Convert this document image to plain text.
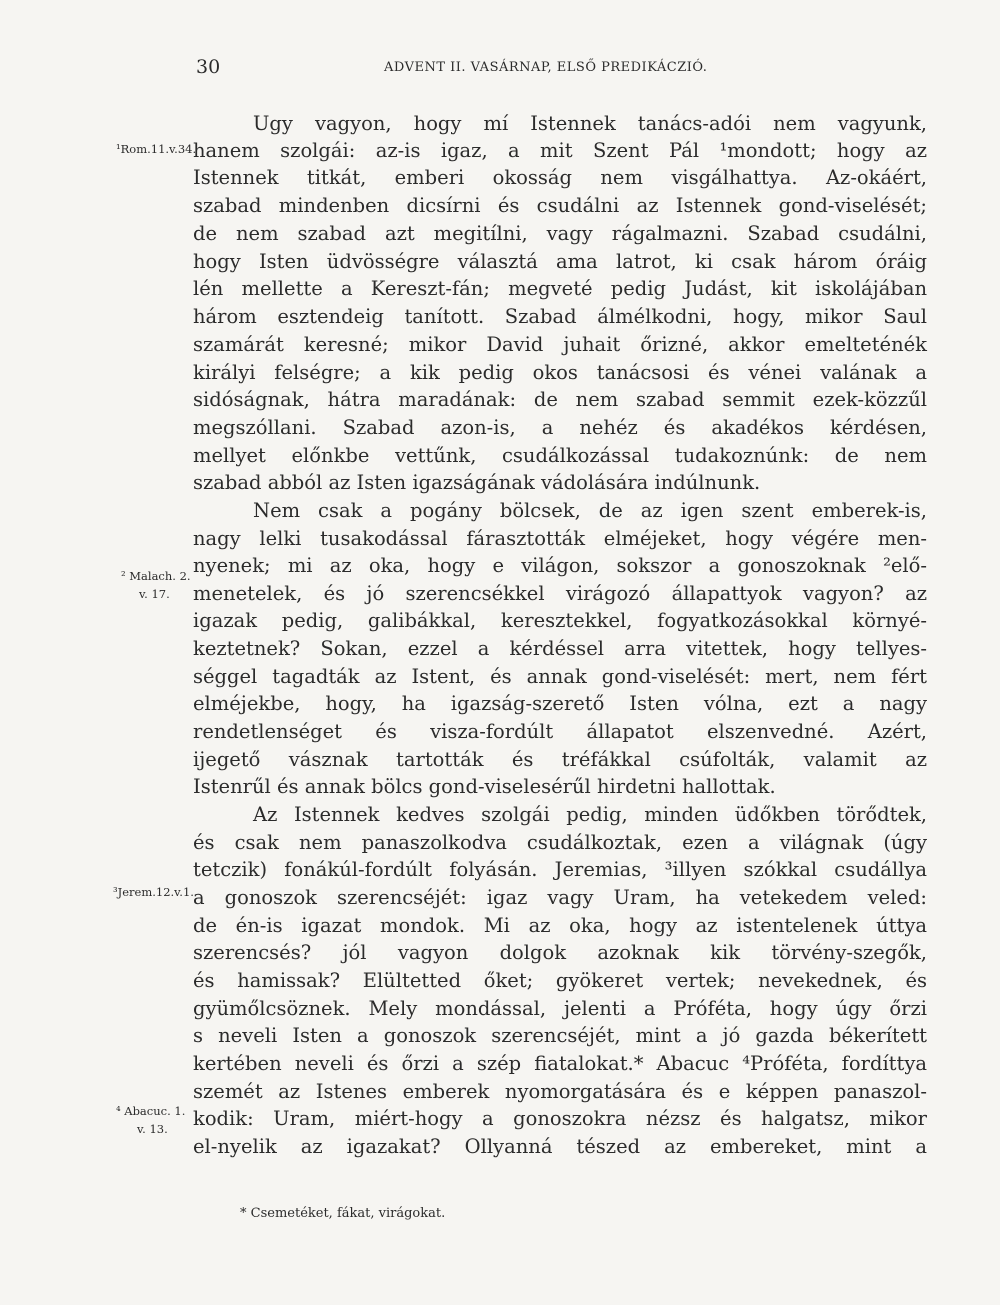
30	ADVENT II. VASÁRNAP, ELSŐ PREDIKÁCZIÓ.
¹Rom.11.v.34.
² Malach. 2.
v. 17.
³Jerem.12.v.1.
⁴ Abacuc. 1.
v. 13.
Ugy vagyon, hogy mí Istennek tanács-adói nem vagyunk,
hanem szolgái: az-is igaz, a mit Szent Pál ¹mondott; hogy az
Istennek titkát, emberi okosság nem visgálhattya. Az-okáért,
szabad mindenben dicsírni és csudálni az Istennek gond-viselését;
de nem szabad azt megitílni, vagy rágalmazni. Szabad csudálni,
hogy Isten üdvösségre választá ama latrot, ki csak három óráig
lén mellette a Kereszt-fán; megveté pedig Judást, kit iskolájában
három esztendeig tanított. Szabad álmélkodni, hogy, mikor Saul
szamárát keresné; mikor David juhait őrizné, akkor emelteténék
királyi felségre; a kik pedig okos tanácsosi és vénei valának a
sidóságnak, hátra maradának: de nem szabad semmit ezek-közzűl
megszóllani. Szabad azon-is, a nehéz és akadékos kérdésen,
mellyet előnkbe vettűnk, csudálkozással tudakoznúnk: de nem
szabad abból az Isten igazságának vádolására indúlnunk.
Nem csak a pogány bölcsek, de az igen szent emberek-is,
nagy lelki tusakodással fárasztották elméjeket, hogy végére men-
nyenek; mi az oka, hogy e világon, sokszor a gonoszoknak ²elő-
menetelek, és jó szerencsékkel virágozó állapattyok vagyon? az
igazak pedig, galibákkal, keresztekkel, fogyatkozásokkal környé-
keztetnek? Sokan, ezzel a kérdéssel arra vitettek, hogy tellyes-
séggel tagadták az Istent, és annak gond-viselését: mert, nem fért
elméjekbe, hogy, ha igazság-szerető Isten vólna, ezt a nagy
rendetlenséget és visza-fordúlt állapatot elszenvedné. Azért,
ijegető vásznak tartották és tréfákkal csúfolták, valamit az
Istenrűl és annak bölcs gond-viselesérűl hirdetni hallottak.
Az Istennek kedves szolgái pedig, minden üdőkben törődtek,
és csak nem panaszolkodva csudálkoztak, ezen a világnak (úgy
tetczik) fonákúl-fordúlt folyásán. Jeremias, ³illyen szókkal csudállya
a gonoszok szerencséjét: igaz vagy Uram, ha vetekedem veled:
de én-is igazat mondok. Mi az oka, hogy az istentelenek úttya
szerencsés? jól vagyon dolgok azoknak kik törvény-szegők,
és hamissak? Elültetted őket; gyökeret vertek; nevekednek, és
gyümőlcsöznek. Mely mondással, jelenti a Próféta, hogy úgy őrzi
s neveli Isten a gonoszok szerencséjét, mint a jó gazda békerített
kertében neveli és őrzi a szép fiatalokat.* Abacuc ⁴Próféta, fordíttya
szemét az Istenes emberek nyomorgatására és e képpen panaszol-
kodik: Uram, miért-hogy a gonoszokra nézsz és halgatsz, mikor
el-nyelik az igazakat? Ollyanná tészed az embereket, mint a
* Csemetéket, fákat, virágokat.
